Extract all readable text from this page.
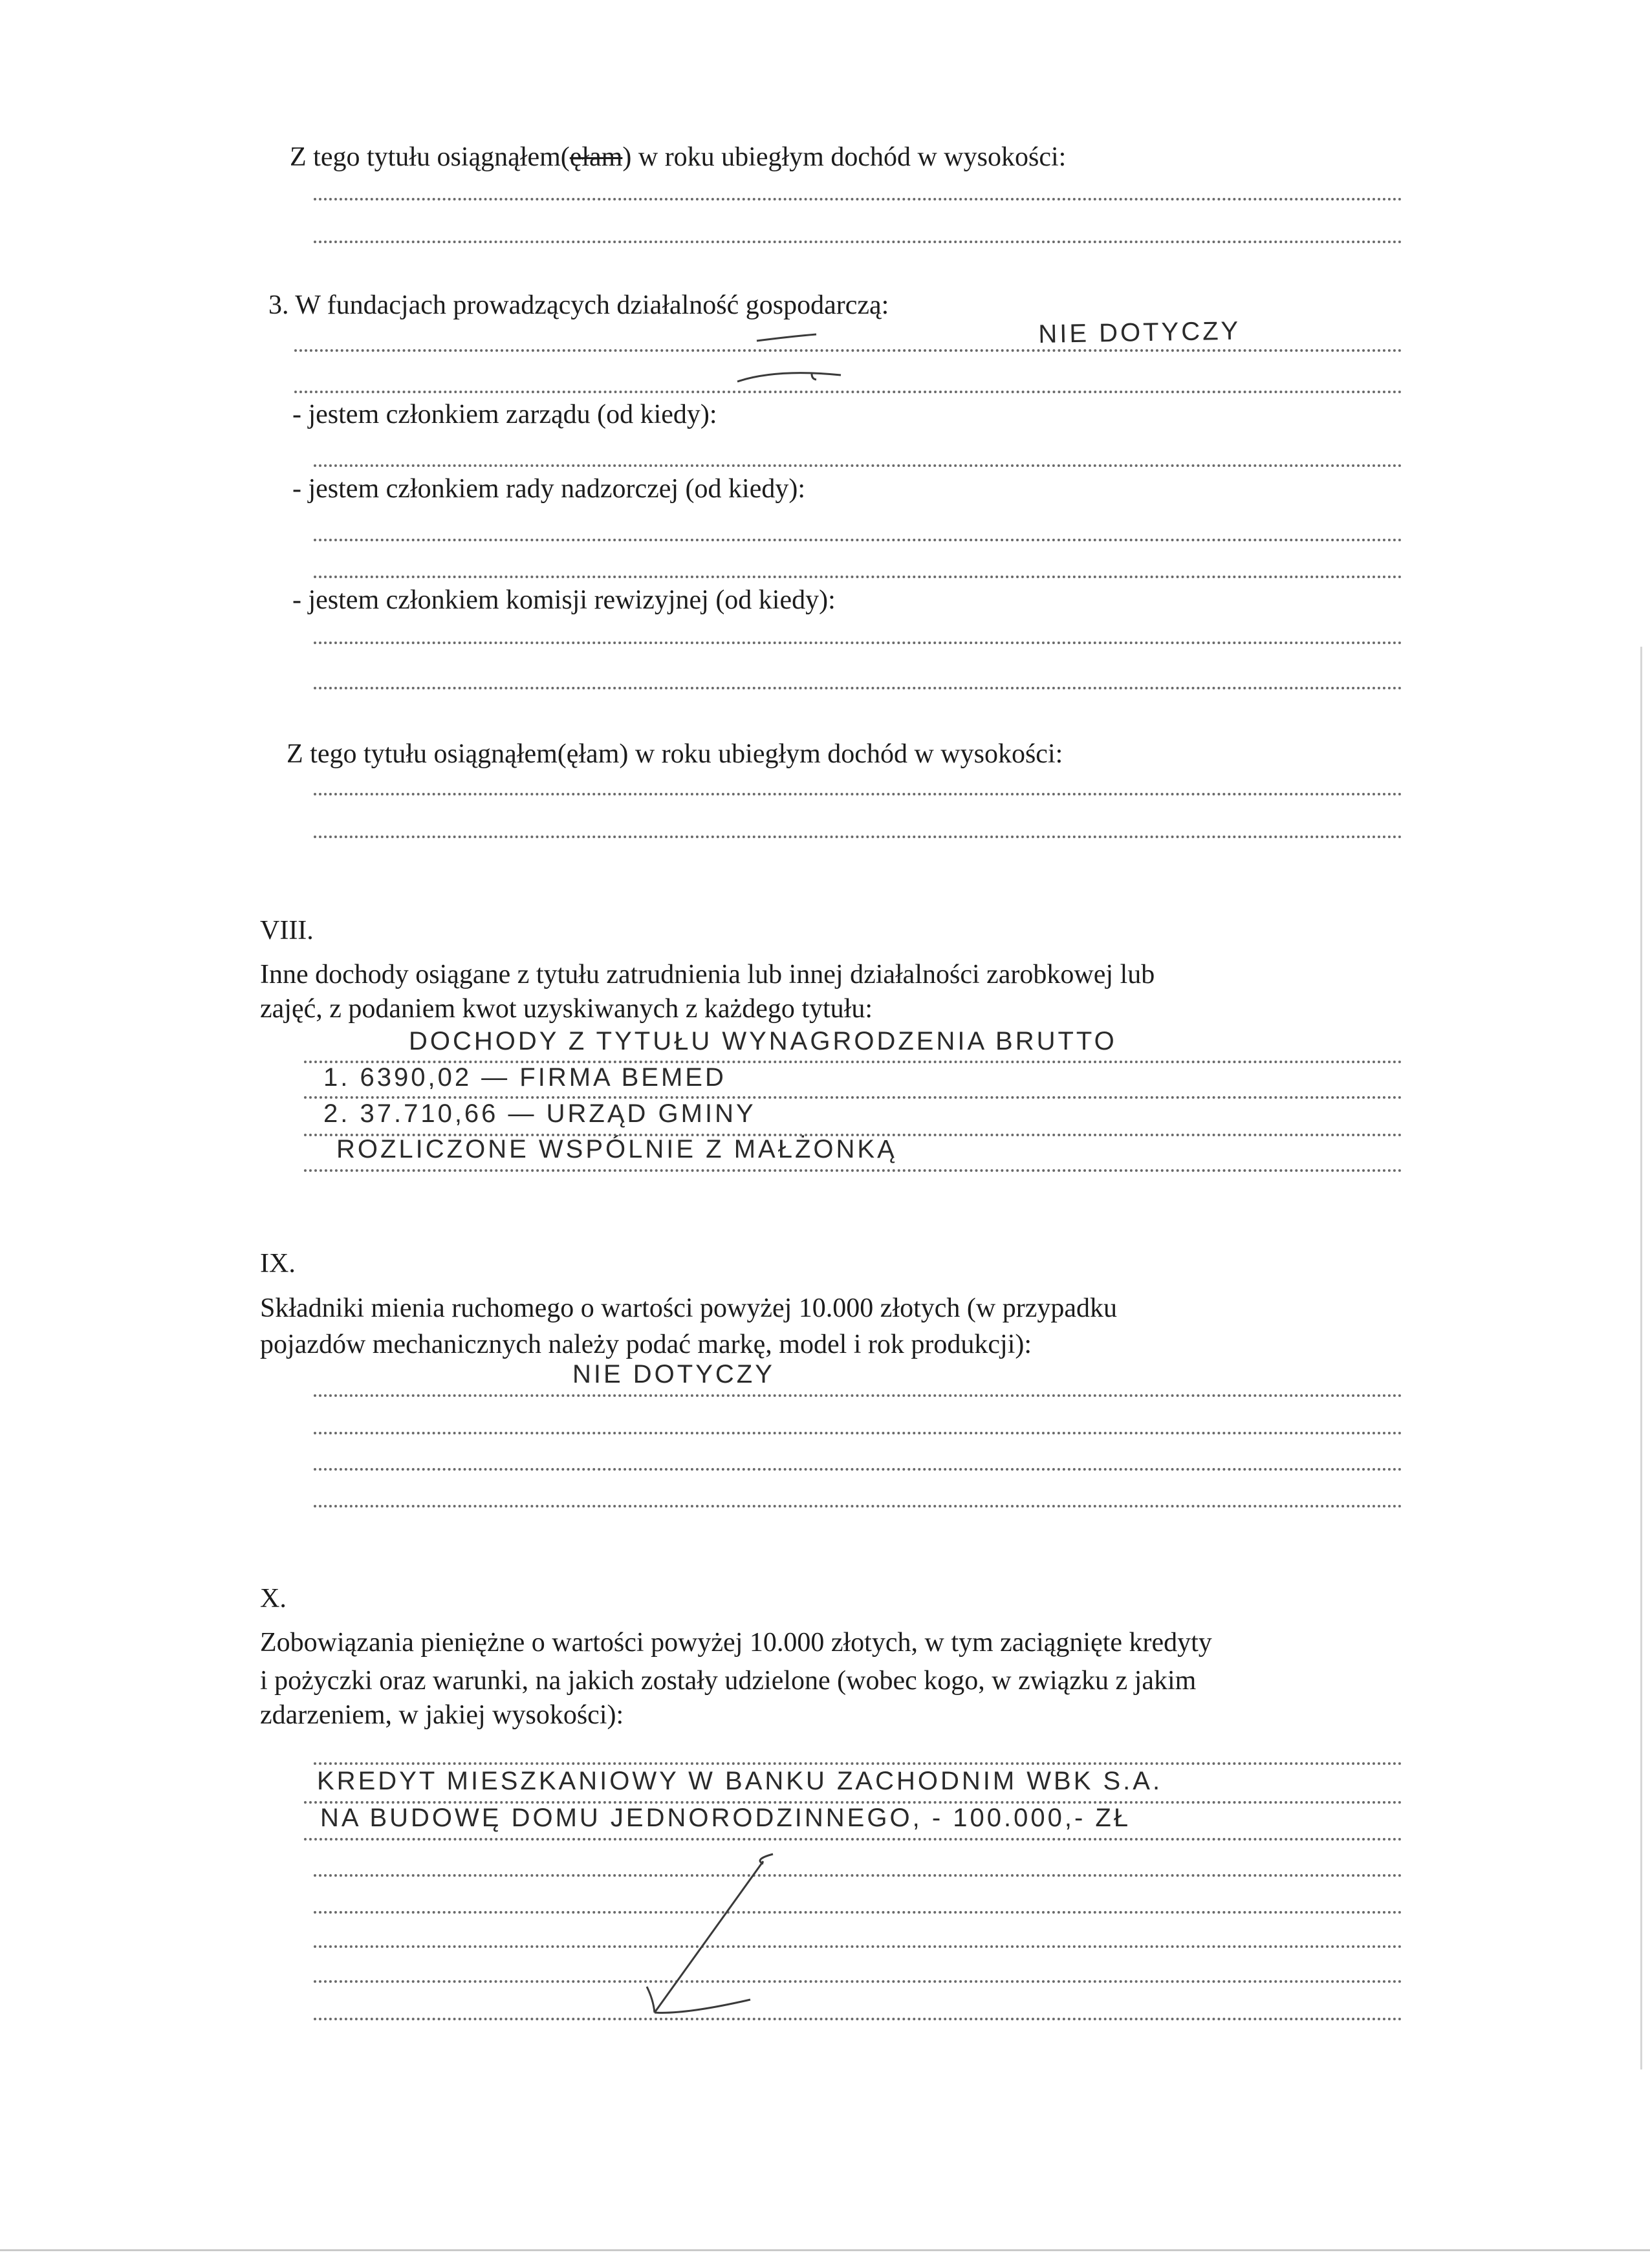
Z tego tytułu osiągnąłem(ęłam) w roku ubiegłym dochód w wysokości:

3. W fundacjach prowadzących działalność gospodarczą:

NIE DOTYCZY

- jestem członkiem zarządu (od kiedy):

- jestem członkiem rady nadzorczej (od kiedy):

- jestem członkiem komisji rewizyjnej (od kiedy):

Z tego tytułu osiągnąłem(ęłam) w roku ubiegłym dochód w wysokości:

VIII.

Inne dochody osiągane z tytułu zatrudnienia lub innej działalności zarobkowej lub

zajęć, z podaniem kwot uzyskiwanych z każdego tytułu:

DOCHODY Z TYTUŁU WYNAGRODZENIA BRUTTO

1. 6390,02 — FIRMA BEMED

2. 37.710,66 — URZĄD GMINY

ROZLICZONE WSPÓLNIE Z MAŁŻONKĄ

IX.

Składniki mienia ruchomego o wartości powyżej 10.000 złotych (w przypadku

pojazdów mechanicznych należy podać markę, model i rok produkcji):

NIE DOTYCZY

X.

Zobowiązania pieniężne o wartości powyżej 10.000 złotych, w tym zaciągnięte kredyty

i pożyczki oraz warunki, na jakich zostały udzielone (wobec kogo, w związku z jakim

zdarzeniem, w jakiej wysokości):

KREDYT MIESZKANIOWY W BANKU ZACHODNIM WBK S.A.

NA BUDOWĘ DOMU JEDNORODZINNEGO, - 100.000,- ZŁ
